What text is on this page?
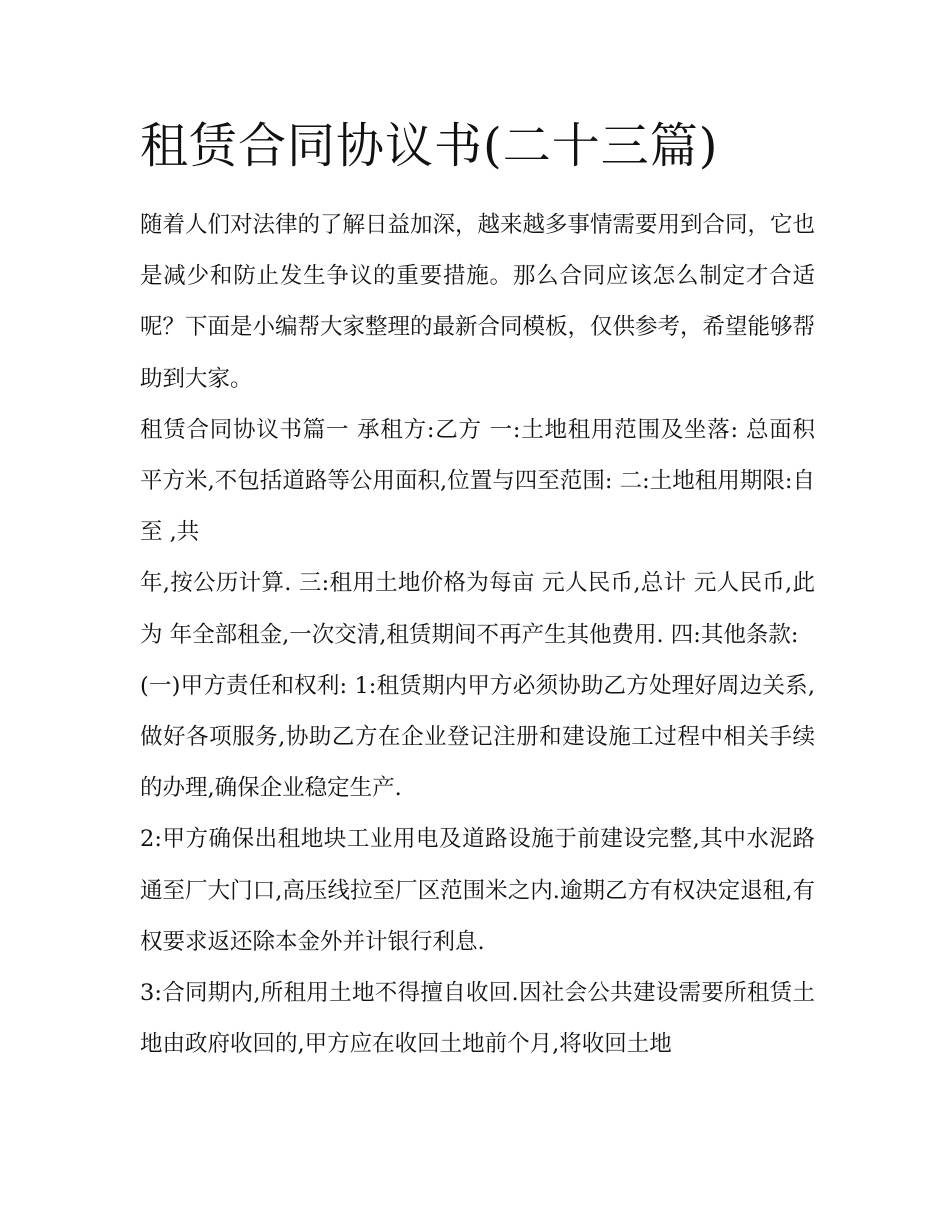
租赁合同协议书(二十三篇)

随着人们对法律的了解日益加深，越来越多事情需要用到合同，它也是减少和防止发生争议的重要措施。那么合同应该怎么制定才合适呢？下面是小编帮大家整理的最新合同模板，仅供参考，希望能够帮助到大家。

租赁合同协议书篇一 承租方:乙方 一:土地租用范围及坐落: 总面积 平方米,不包括道路等公用面积,位置与四至范围: 二:土地租用期限:自 至 ,共

年,按公历计算. 三:租用土地价格为每亩 元人民币,总计 元人民币,此为 年全部租金,一次交清,租赁期间不再产生其他费用. 四:其他条款:

(一)甲方责任和权利: 1:租赁期内甲方必须协助乙方处理好周边关系,做好各项服务,协助乙方在企业登记注册和建设施工过程中相关手续的办理,确保企业稳定生产.

2:甲方确保出租地块工业用电及道路设施于前建设完整,其中水泥路通至厂大门口,高压线拉至厂区范围米之内.逾期乙方有权决定退租,有权要求返还除本金外并计银行利息.

3:合同期内,所租用土地不得擅自收回.因社会公共建设需要所租赁土地由政府收回的,甲方应在收回土地前个月,将收回土地
